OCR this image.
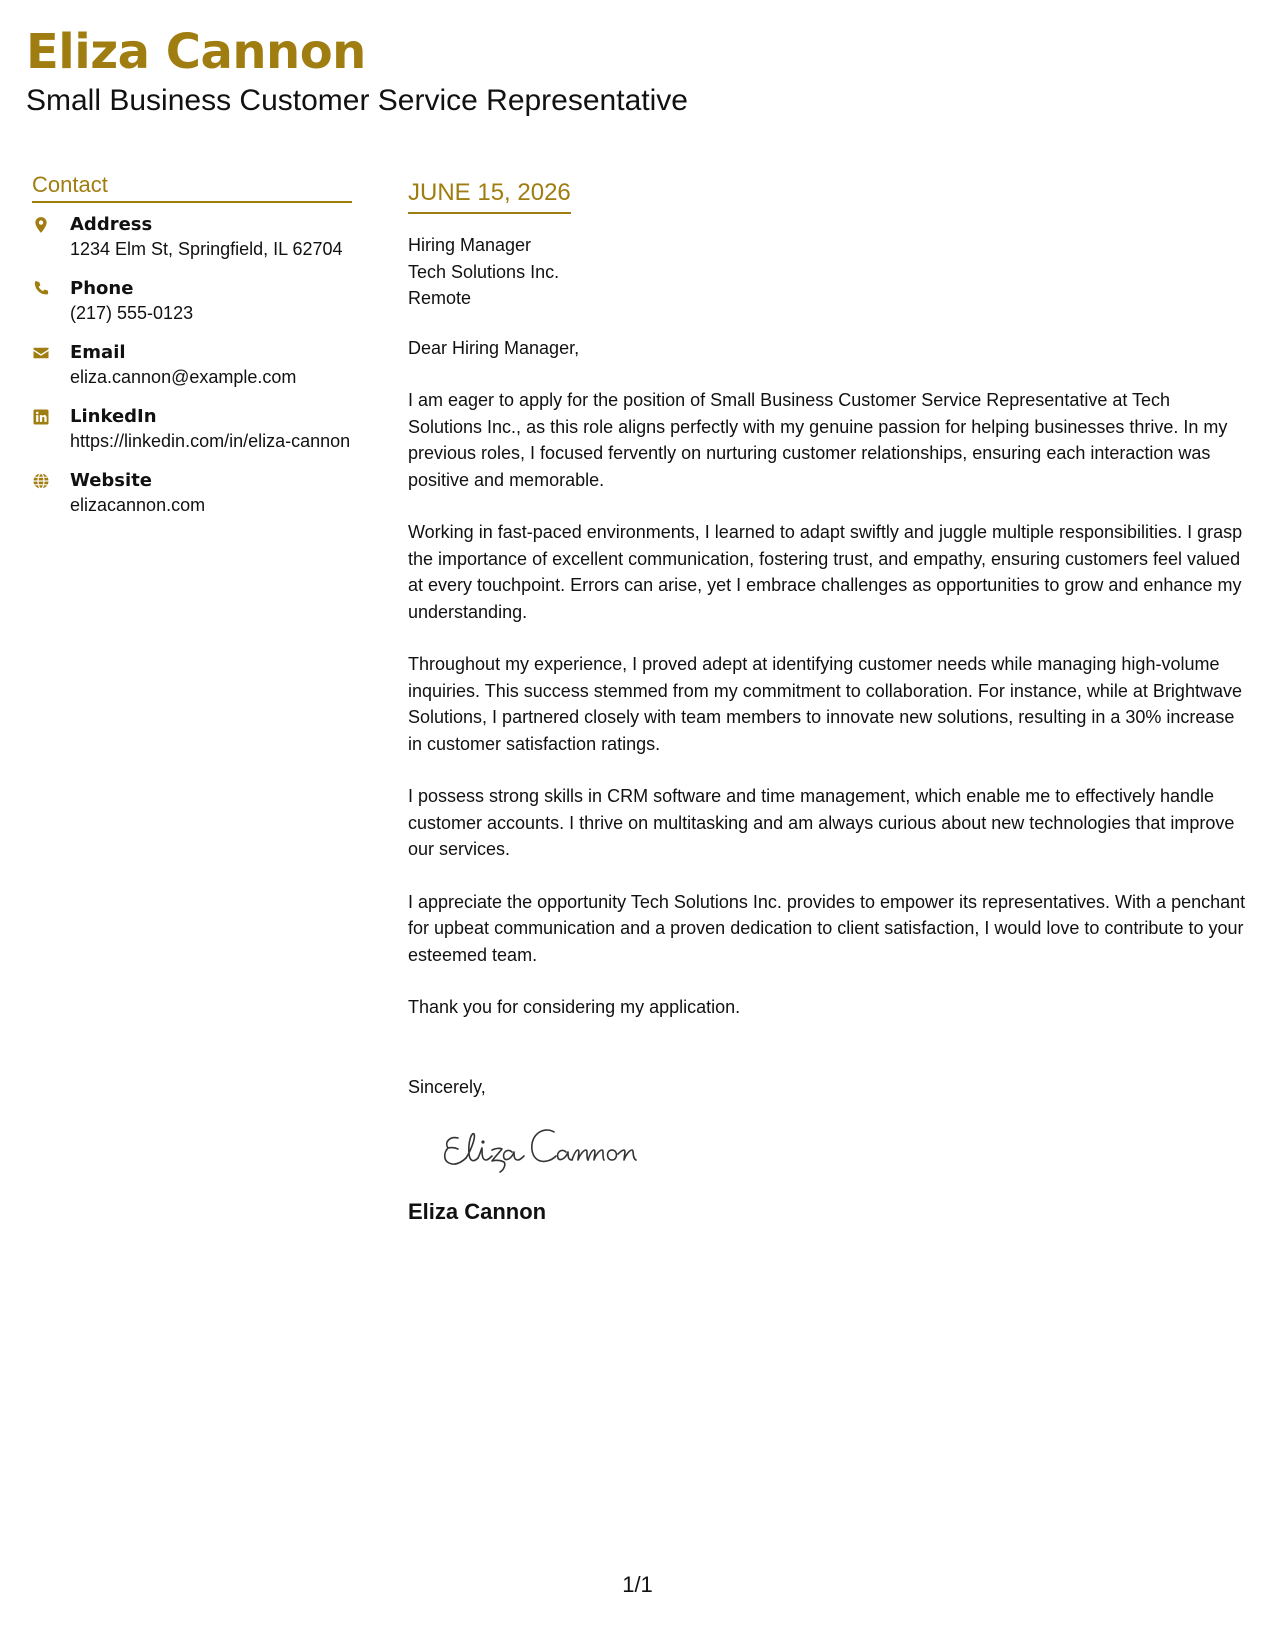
Eliza Cannon
Small Business Customer Service Representative
Contact
Address
1234 Elm St, Springfield, IL 62704
Phone
(217) 555-0123
Email
eliza.cannon@example.com
LinkedIn
https://linkedin.com/in/eliza-cannon
Website
elizacannon.com
JUNE 15, 2026
Hiring Manager
Tech Solutions Inc.
Remote
Dear Hiring Manager,

I am eager to apply for the position of Small Business Customer Service Representative at Tech Solutions Inc., as this role aligns perfectly with my genuine passion for helping businesses thrive. In my previous roles, I focused fervently on nurturing customer relationships, ensuring each interaction was positive and memorable.

Working in fast-paced environments, I learned to adapt swiftly and juggle multiple responsibilities. I grasp the importance of excellent communication, fostering trust, and empathy, ensuring customers feel valued at every touchpoint. Errors can arise, yet I embrace challenges as opportunities to grow and enhance my understanding.

Throughout my experience, I proved adept at identifying customer needs while managing high-volume inquiries. This success stemmed from my commitment to collaboration. For instance, while at Brightwave Solutions, I partnered closely with team members to innovate new solutions, resulting in a 30% increase in customer satisfaction ratings.

I possess strong skills in CRM software and time management, which enable me to effectively handle customer accounts. I thrive on multitasking and am always curious about new technologies that improve our services.

I appreciate the opportunity Tech Solutions Inc. provides to empower its representatives. With a penchant for upbeat communication and a proven dedication to client satisfaction, I would love to contribute to your esteemed team.

Thank you for considering my application.
Sincerely,
Eliza Cannon
1/1
